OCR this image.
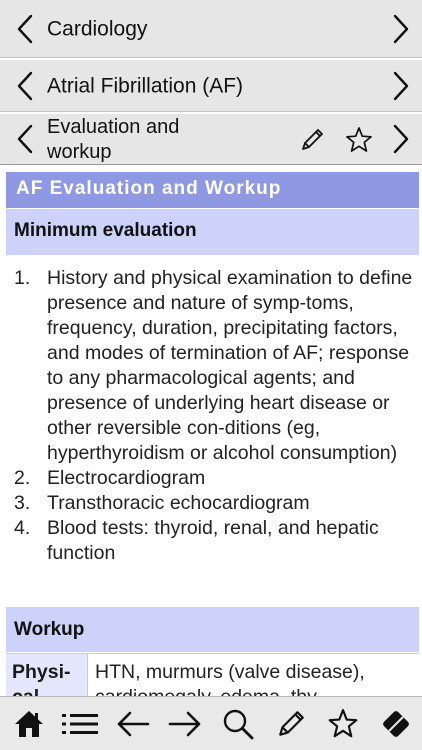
Cardiology
Atrial Fibrillation (AF)
Evaluation and workup
AF Evaluation and Workup
Minimum evaluation
1. History and physical examination to define presence and nature of symp-toms, frequency, duration, precipitating factors, and modes of termination of AF; response to any pharmacological agents; and presence of underlying heart disease or other reversible con-ditions (eg, hyperthyroidism or alcohol consumption)
2. Electrocardiogram
3. Transthoracic echocardiogram
4. Blood tests: thyroid, renal, and hepatic function
Workup
Physi-	HTN, murmurs (valve disease),
